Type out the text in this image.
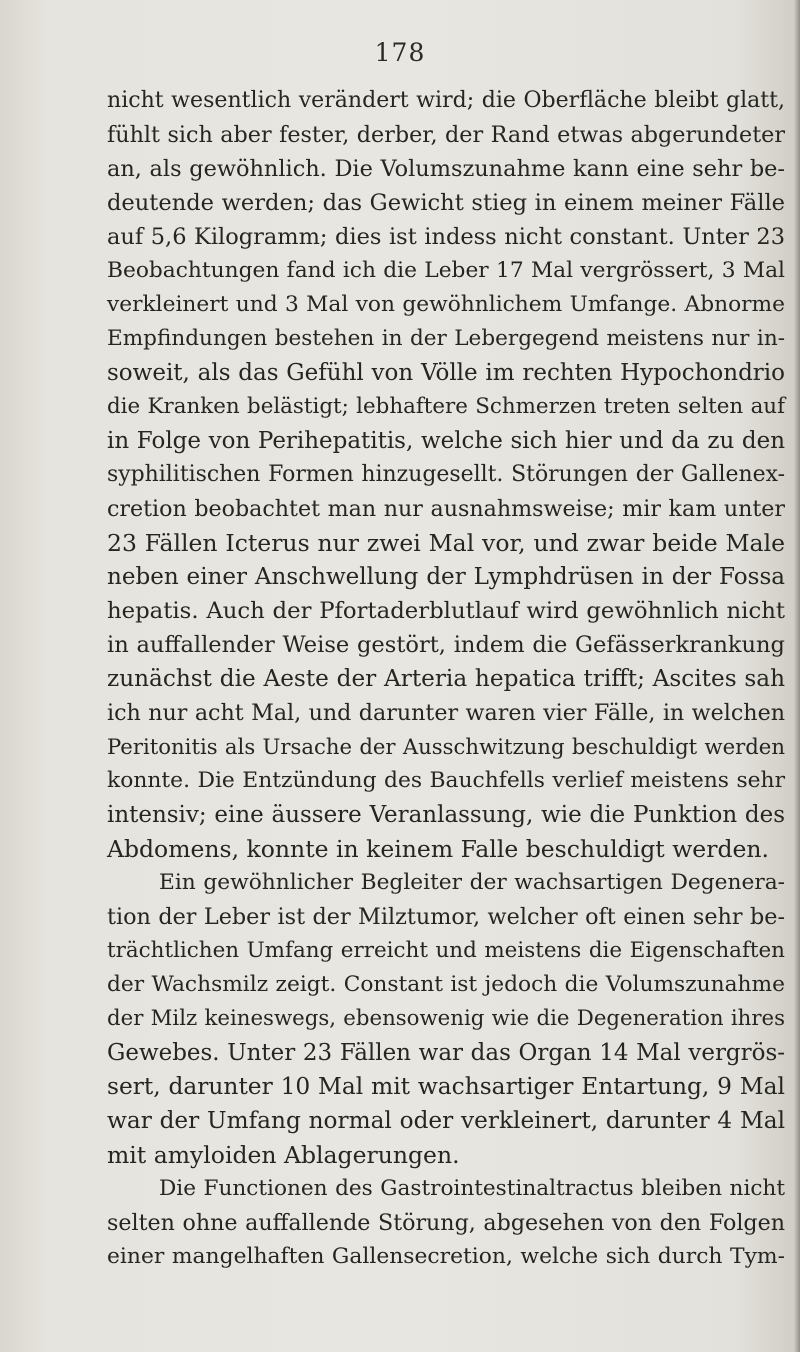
178

nicht wesentlich verändert wird; die Oberfläche bleibt glatt,
fühlt sich aber fester, derber, der Rand etwas abgerundeter
an, als gewöhnlich. Die Volumszunahme kann eine sehr be-
deutende werden; das Gewicht stieg in einem meiner Fälle
auf 5,6 Kilogramm; dies ist indess nicht constant. Unter 23
Beobachtungen fand ich die Leber 17 Mal vergrössert, 3 Mal
verkleinert und 3 Mal von gewöhnlichem Umfange. Abnorme
Empfindungen bestehen in der Lebergegend meistens nur in-
soweit, als das Gefühl von Völle im rechten Hypochondrio
die Kranken belästigt; lebhaftere Schmerzen treten selten auf
in Folge von Perihepatitis, welche sich hier und da zu den
syphilitischen Formen hinzugesellt. Störungen der Gallenex-
cretion beobachtet man nur ausnahmsweise; mir kam unter
23 Fällen Icterus nur zwei Mal vor, und zwar beide Male
neben einer Anschwellung der Lymphdrüsen in der Fossa
hepatis. Auch der Pfortaderblutlauf wird gewöhnlich nicht
in auffallender Weise gestört, indem die Gefässerkrankung
zunächst die Aeste der Arteria hepatica trifft; Ascites sah
ich nur acht Mal, und darunter waren vier Fälle, in welchen
Peritonitis als Ursache der Ausschwitzung beschuldigt werden
konnte. Die Entzündung des Bauchfells verlief meistens sehr
intensiv; eine äussere Veranlassung, wie die Punktion des
Abdomens, konnte in keinem Falle beschuldigt werden.
Ein gewöhnlicher Begleiter der wachsartigen Degenera-
tion der Leber ist der Milztumor, welcher oft einen sehr be-
trächtlichen Umfang erreicht und meistens die Eigenschaften
der Wachsmilz zeigt. Constant ist jedoch die Volumszunahme
der Milz keineswegs, ebensowenig wie die Degeneration ihres
Gewebes. Unter 23 Fällen war das Organ 14 Mal vergrös-
sert, darunter 10 Mal mit wachsartiger Entartung, 9 Mal
war der Umfang normal oder verkleinert, darunter 4 Mal
mit amyloiden Ablagerungen.
Die Functionen des Gastrointestinaltractus bleiben nicht
selten ohne auffallende Störung, abgesehen von den Folgen
einer mangelhaften Gallensecretion, welche sich durch Tym-
